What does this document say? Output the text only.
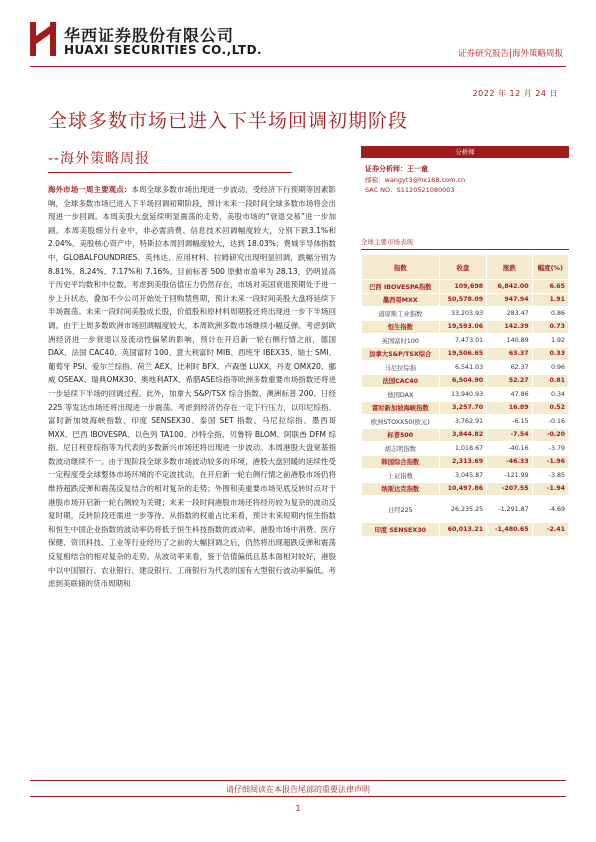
华西证券股份有限公司
HUAXI SECURITIES CO.,LTD.	证券研究报告|海外策略周报
2022 年 12 月 24 日
全球多数市场已进入下半场回调初期阶段
--海外策略周报	分析师
证券分析师：王一童
邮箱：wangyt3@hx168.com.cn
SAC NO：S1120521080003
海外市场一周主要观点：本周全球多数市场出现进一步波动，受经济下行预期等因素影响，全球多数市场已进入下半场回调初期阶段，预计未来一段时间全球多数市场将会出现进一步回调。本周美股大盘延续明显震荡的走势，美股市场的“衰退交易”进一步加剧。本周美股细分行业中，非必需消费、信息技术回调幅度较大，分别下跌3.1%和2.04%。美股核心资产中，特斯拉本周回调幅度较大，达到 18.03%；费城半导体指数中，GLOBALFOUNDRIES、英伟达、应用材料、拉姆研究出现明显回调，跌幅分别为 8.81%、8.24%、7.17%和 7.16%。目前标普 500 原動市盈率为 28.13，仍明显高于历史平均数和中位数。考虑到美股估值压力仍然存在，市场对美国衰退预期处于进一步上升状态，叠加不少公司开始处于回购禁售期，预计未来一段时间美股大盘将延续下半场震荡。未来一段时间美股成长股，价值股和原材料周期股还将出现进一步下半场回调。由于上周多数欧洲市场回调幅度较大，本周欧洲多数市场继续小幅反弹。考虑到欧洲经济进一步衰退以及流动性偏紧的影响，预计在开启新一轮右侧行情之前，德国 DAX、法国 CAC40、英国富时 100、意大利富时 MIB、西班牙 IBEX35、瑞士 SMI、葡萄牙 PSI、爱尔兰综指、荷兰 AEX、比利时 BFX、卢森堡 LUXX、丹麦 OMX20、挪威 OSEAX、瑞典OMX30、奥地利ATX、希腊ASE综指等欧洲多数重要市场指数还将进一步延续下半场的回调过程。此外，加拿大 S&P/TSX 综合指数、澳洲标普 200、日经 225 等发达市场还将出现进一步震荡。考虑到经济仍存在一定下行压力，以印尼综指、富时新加坡海峡指数、印度 SENSEX30、泰国 SET 指数、马尼拉综指、墨西哥 MXX、巴西 IBOVESPA、以色列 TA100、沙特全指、贝鲁特 BLOM、阿联酋 DFM 综指、尼日利亚综指等为代表的多数新兴市场还将出现进一步波动。本周港股大盘宽基指数波动继续不一。由于现阶段全球多数市场波动较多的环境，港股大盘回暖的延续性受一定程度受全球整体市场环境的不定波扰动，在开启新一轮右侧行情之前港股市场仍将维持超跌反弹和震荡反复结合的相对复杂的走势；外围和美重要市场见底反转时点对于港股市场开启新一轮右侧较为关键；未来一段时间港股市场还将经历较为复杂的波动反复时期，反转阶段还需进一步等待。从指数的权重占比来看，预计未来短期内恒生指数和恒生中国企业指数的波动率仍将低于恒生科技指数的波动率。港股市场中消费、医疗保健、资讯科技、工业等行业经历了之前的大幅回调之后，仍然将出现超跌反弹和震荡反复相结合的相对复杂的走势。从波动率来看，鉴于估值偏低且基本面相对较好，港股中以中国银行、农业银行、建设银行、工商银行为代表的国有大型银行波动率偏低。考虑到美联储的货币周期和
全球主要市场表现
指数	收盘	涨跌	幅度(%)
巴西 IBOVESPA指数	109,698	6,842.00	6.65
墨西哥MXX	50,578.09	947.94	1.91
道琼斯工业指数	33,203.93	283.47	0.86
恒生指数	19,593.06	142.39	0.73
英国富时100	7,473.01	140.89	1.92
加拿大S&P/TSX综合	19,506.65	63.37	0.33
马尼拉综指	6,541.03	62.37	0.96
法国CAC40	6,504.90	52.27	0.81
德国DAX	13,940.93	47.86	0.34
富时新加坡海峡指数	3,257.70	16.89	0.52
欧洲STOXX50(欧元)	3,762.91	-6.15	-0.16
标普500	3,844.82	-7.54	-0.20
胡志明指数	1,018.67	-40.16	-3.79
韩国综合指数	2,313.69	-46.33	-1.96
上证指数	3,045.87	-121.99	-3.85
纳斯达克指数	10,497.86	-207.55	-1.94
日经225	26,235.25	-1,291.87	-4.69
印度 SENSEX30	60,013.21	-1,480.65	-2.41
请仔细阅读在本报告尾部的重要法律声明
1
